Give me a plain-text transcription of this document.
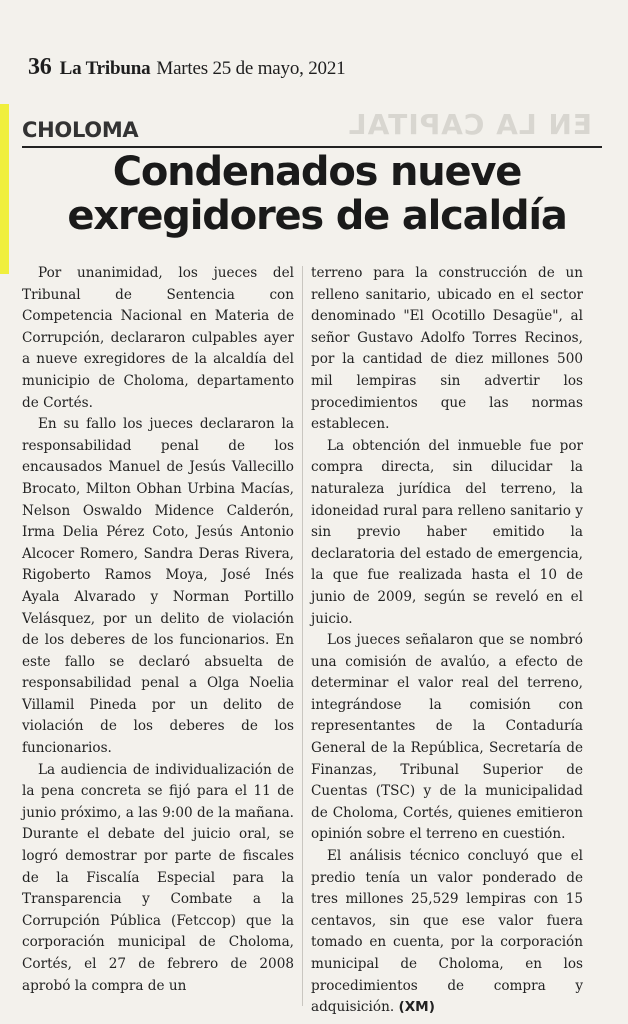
36 La Tribuna Martes 25 de mayo, 2021
EN LA CAPITAL
CHOLOMA
Condenados nueve exregidores de alcaldía

Por unanimidad, los jueces del Tribunal de Sentencia con Competencia Nacional en Materia de Corrupción, declararon culpables ayer a nueve exregidores de la alcaldía del municipio de Choloma, departamento de Cortés.

En su fallo los jueces declararon la responsabilidad penal de los encausados Manuel de Jesús Vallecillo Brocato, Milton Obhan Urbina Macías, Nelson Oswaldo Midence Calderón, Irma Delia Pérez Coto, Jesús Antonio Alcocer Romero, Sandra Deras Rivera, Rigoberto Ramos Moya, José Inés Ayala Alvarado y Norman Portillo Velásquez, por un delito de violación de los deberes de los funcionarios. En este fallo se declaró absuelta de responsabilidad penal a Olga Noelia Villamil Pineda por un delito de violación de los deberes de los funcionarios.

La audiencia de individualización de la pena concreta se fijó para el 11 de junio próximo, a las 9:00 de la mañana. Durante el debate del juicio oral, se logró demostrar por parte de fiscales de la Fiscalía Especial para la Transparencia y Combate a la Corrupción Pública (Fetccop) que la corporación municipal de Choloma, Cortés, el 27 de febrero de 2008 aprobó la compra de un

terreno para la construcción de un relleno sanitario, ubicado en el sector denominado "El Ocotillo Desagüe", al señor Gustavo Adolfo Torres Recinos, por la cantidad de diez millones 500 mil lempiras sin advertir los procedimientos que las normas establecen.

La obtención del inmueble fue por compra directa, sin dilucidar la naturaleza jurídica del terreno, la idoneidad rural para relleno sanitario y sin previo haber emitido la declaratoria del estado de emergencia, la que fue realizada hasta el 10 de junio de 2009, según se reveló en el juicio.

Los jueces señalaron que se nombró una comisión de avalúo, a efecto de determinar el valor real del terreno, integrándose la comisión con representantes de la Contaduría General de la República, Secretaría de Finanzas, Tribunal Superior de Cuentas (TSC) y de la municipalidad de Choloma, Cortés, quienes emitieron opinión sobre el terreno en cuestión.

El análisis técnico concluyó que el predio tenía un valor ponderado de tres millones 25,529 lempiras con 15 centavos, sin que ese valor fuera tomado en cuenta, por la corporación municipal de Choloma, en los procedimientos de compra y adquisición. (XM)
